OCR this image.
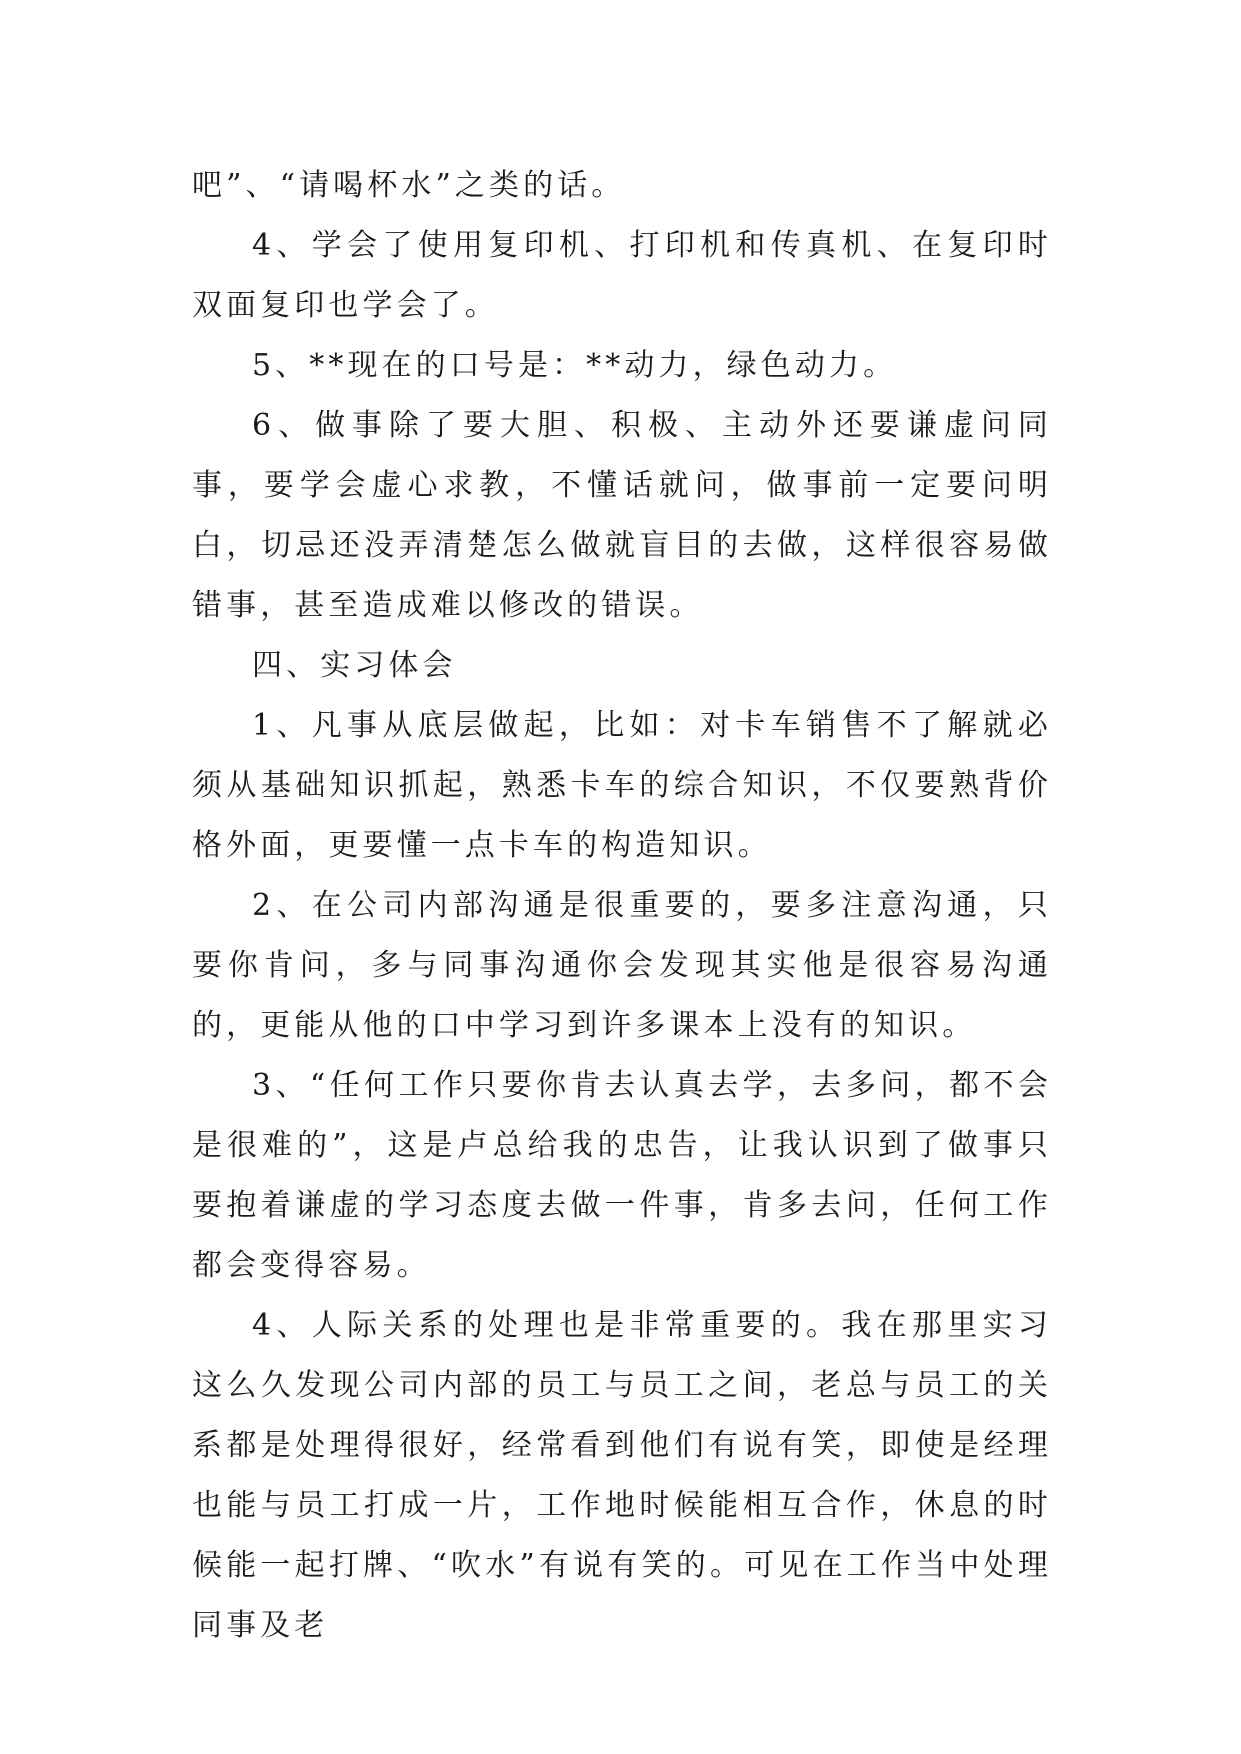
吧”、“请喝杯水”之类的话。

4、学会了使用复印机、打印机和传真机、在复印时双面复印也学会了。

5、**现在的口号是：**动力，绿色动力。

6、做事除了要大胆、积极、主动外还要谦虚问同事，要学会虚心求教，不懂话就问，做事前一定要问明白，切忌还没弄清楚怎么做就盲目的去做，这样很容易做错事，甚至造成难以修改的错误。

四、实习体会

1、凡事从底层做起，比如：对卡车销售不了解就必须从基础知识抓起，熟悉卡车的综合知识，不仅要熟背价格外面，更要懂一点卡车的构造知识。

2、在公司内部沟通是很重要的，要多注意沟通，只要你肯问，多与同事沟通你会发现其实他是很容易沟通的，更能从他的口中学习到许多课本上没有的知识。

3、“任何工作只要你肯去认真去学，去多问，都不会是很难的”，这是卢总给我的忠告，让我认识到了做事只要抱着谦虚的学习态度去做一件事，肯多去问，任何工作都会变得容易。

4、人际关系的处理也是非常重要的。我在那里实习这么久发现公司内部的员工与员工之间，老总与员工的关系都是处理得很好，经常看到他们有说有笑，即使是经理也能与员工打成一片，工作地时候能相互合作，休息的时候能一起打牌、“吹水”有说有笑的。可见在工作当中处理同事及老
